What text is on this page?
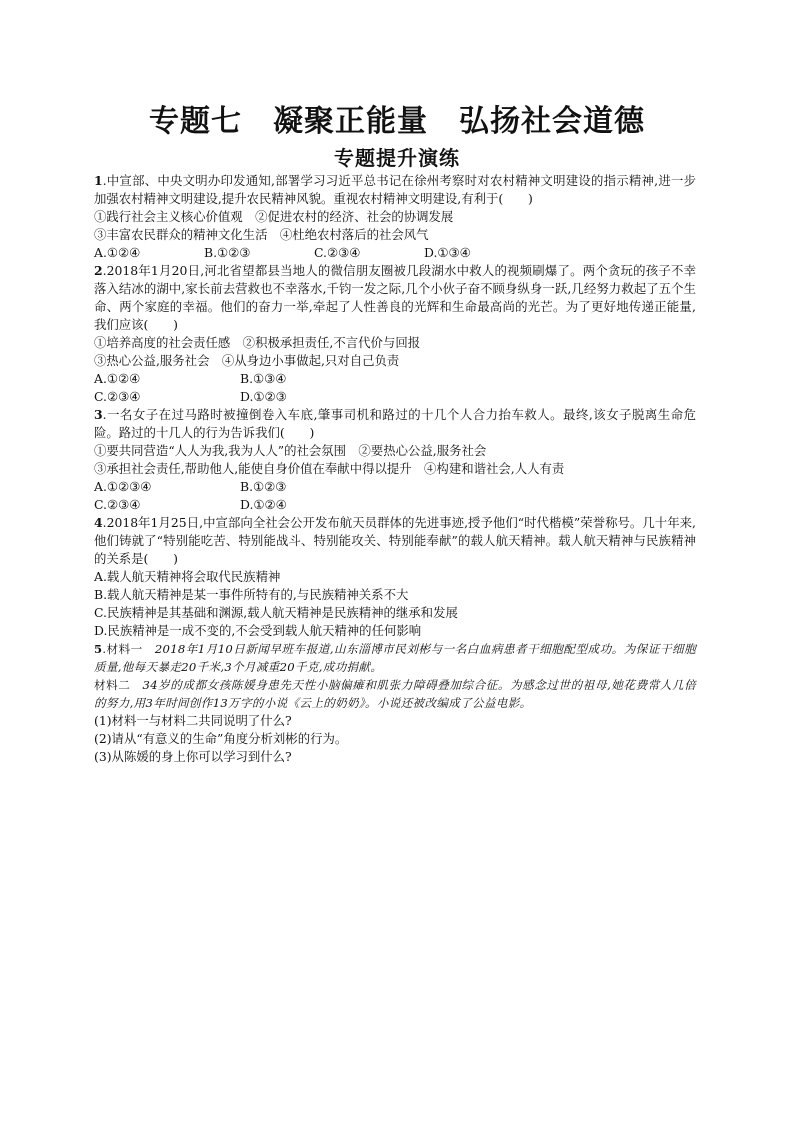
专题七　凝聚正能量　弘扬社会道德
专题提升演练

1.中宣部、中央文明办印发通知,部署学习习近平总书记在徐州考察时对农村精神文明建设的指示精神,进一步加强农村精神文明建设,提升农民精神风貌。重视农村精神文明建设,有利于(　　)

①践行社会主义核心价值观　②促进农村的经济、社会的协调发展

③丰富农民群众的精神文化生活　④杜绝农村落后的社会风气

A.①②④	B.①②③	C.②③④	D.①③④

2.2018年1月20日,河北省望都县当地人的微信朋友圈被几段湖水中救人的视频刷爆了。两个贪玩的孩子不幸落入结冰的湖中,家长前去营救也不幸落水,千钧一发之际,几个小伙子奋不顾身纵身一跃,几经努力救起了五个生命、两个家庭的幸福。他们的奋力一举,牵起了人性善良的光辉和生命最高尚的光芒。为了更好地传递正能量,我们应该(　　)

①培养高度的社会责任感　②积极承担责任,不言代价与回报

③热心公益,服务社会　④从身边小事做起,只对自己负责

A.①②④	B.①③④
C.②③④	D.①②③

3.一名女子在过马路时被撞倒卷入车底,肇事司机和路过的十几个人合力抬车救人。最终,该女子脱离生命危险。路过的十几人的行为告诉我们(　　)

①要共同营造“人人为我,我为人人”的社会氛围　②要热心公益,服务社会

③承担社会责任,帮助他人,能使自身价值在奉献中得以提升　④构建和谐社会,人人有责

A.①②③④	B.①②③
C.②③④	D.①②④

4.2018年1月25日,中宣部向全社会公开发布航天员群体的先进事迹,授予他们“时代楷模”荣誉称号。几十年来,他们铸就了“特别能吃苦、特别能战斗、特别能攻关、特别能奉献”的载人航天精神。载人航天精神与民族精神的关系是(　　)

A.载人航天精神将会取代民族精神

B.载人航天精神是某一事件所特有的,与民族精神关系不大

C.民族精神是其基础和渊源,载人航天精神是民族精神的继承和发展

D.民族精神是一成不变的,不会受到载人航天精神的任何影响

5.材料一　2018年1月10日新闻早班车报道,山东淄博市民刘彬与一名白血病患者干细胞配型成功。为保证干细胞质量,他每天暴走20千米,3个月减重20千克,成功捐献。

材料二　34岁的成都女孩陈媛身患先天性小脑偏瘫和肌张力障碍叠加综合征。为感念过世的祖母,她花费常人几倍的努力,用3年时间创作13万字的小说《云上的奶奶》。小说还被改编成了公益电影。

(1)材料一与材料二共同说明了什么?

(2)请从“有意义的生命”角度分析刘彬的行为。

(3)从陈媛的身上你可以学习到什么?
